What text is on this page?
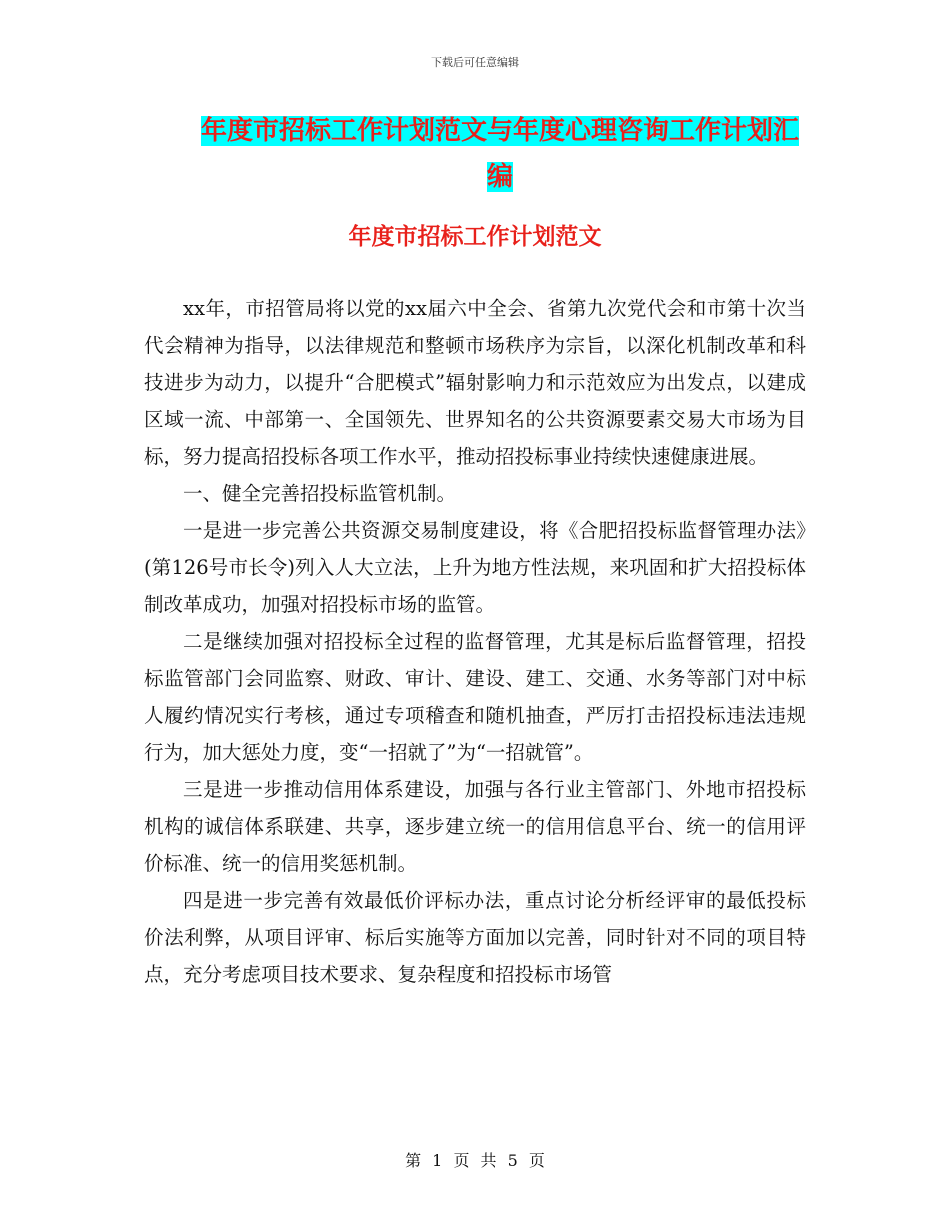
下载后可任意编辑
年度市招标工作计划范文与年度心理咨询工作计划汇编
年度市招标工作计划范文

xx年，市招管局将以党的xx届六中全会、省第九次党代会和市第十次当代会精神为指导，以法律规范和整顿市场秩序为宗旨，以深化机制改革和科技进步为动力，以提升“合肥模式”辐射影响力和示范效应为出发点，以建成区域一流、中部第一、全国领先、世界知名的公共资源要素交易大市场为目标，努力提高招投标各项工作水平，推动招投标事业持续快速健康进展。

一、健全完善招投标监管机制。

一是进一步完善公共资源交易制度建设，将《合肥招投标监督管理办法》(第126号市长令)列入人大立法，上升为地方性法规，来巩固和扩大招投标体制改革成功，加强对招投标市场的监管。

二是继续加强对招投标全过程的监督管理，尤其是标后监督管理，招投标监管部门会同监察、财政、审计、建设、建工、交通、水务等部门对中标人履约情况实行考核，通过专项稽查和随机抽查，严厉打击招投标违法违规行为，加大惩处力度，变“一招就了”为“一招就管”。

三是进一步推动信用体系建设，加强与各行业主管部门、外地市招投标机构的诚信体系联建、共享，逐步建立统一的信用信息平台、统一的信用评价标准、统一的信用奖惩机制。

四是进一步完善有效最低价评标办法，重点讨论分析经评审的最低投标价法利弊，从项目评审、标后实施等方面加以完善，同时针对不同的项目特点，充分考虑项目技术要求、复杂程度和招投标市场管

第 1 页 共 5 页
